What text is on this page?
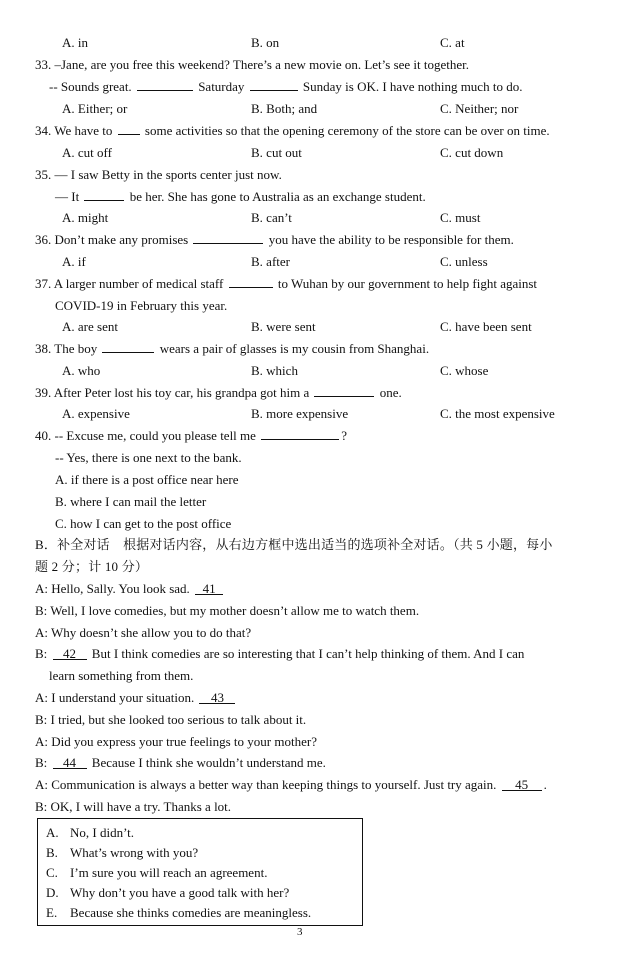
A. in	B. on	C. at
33. –Jane, are you free this weekend? There’s a new movie on. Let’s see it together.
-- Sounds great.	Saturday	Sunday is OK. I have nothing much to do.
A. Either; or	B. Both; and	C. Neither; nor
34. We have to	some activities so that the opening ceremony of the store can be over on time.
A. cut off	B. cut out	C. cut down
35. — I saw Betty in the sports center just now.
— It	be her. She has gone to Australia as an exchange student.
A. might	B. can’t	C. must
36. Don’t make any promises	you have the ability to be responsible for them.
A. if	B. after	C. unless
37. A larger number of medical staff	to Wuhan by our government to help fight against
COVID-19 in February this year.
A. are sent	B. were sent	C. have been sent
38. The boy	wears a pair of glasses is my cousin from Shanghai.
A. who	B. which	C. whose
39. After Peter lost his toy car, his grandpa got him a	one.
A. expensive	B. more expensive	C. the most expensive
40. -- Excuse me, could you please tell me	?
-- Yes, there is one next to the bank.
A. if there is a post office near here
B. where I can mail the letter
C. how I can get to the post office
B．补全对话　根据对话内容，从右边方框中选出适当的选项补全对话。（共 5 小题，每小
题 2 分；计 10 分）
A: Hello, Sally. You look sad. 41
B: Well, I love comedies, but my mother doesn’t allow me to watch them.
A: Why doesn’t she allow you to do that?
B: 42 But I think comedies are so interesting that I can’t help thinking of them. And I can
learn something from them.
A: I understand your situation. 43
B: I tried, but she looked too serious to talk about it.
A: Did you express your true feelings to your mother?
B: 44 Because I think she wouldn’t understand me.
A: Communication is always a better way than keeping things to yourself. Just try again. 45 .
B: OK, I will have a try. Thanks a lot.
A. No, I didn’t.
B. What’s wrong with you?
C. I’m sure you will reach an agreement.
D. Why don’t you have a good talk with her?
E. Because she thinks comedies are meaningless.
3
